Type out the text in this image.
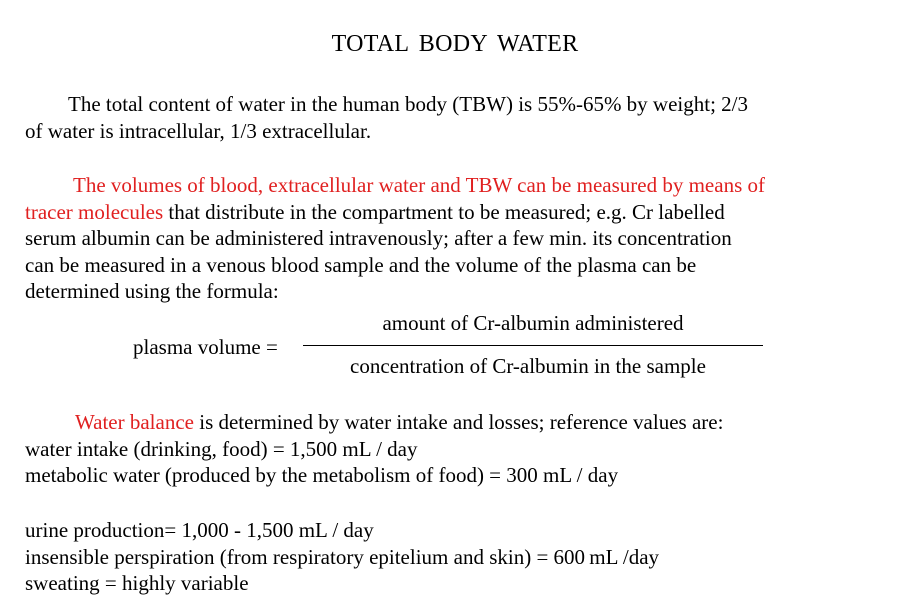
TOTAL BODY WATER
The total content of water in the human body (TBW) is 55%-65% by weight; 2/3
of water is intracellular, 1/3 extracellular.
The volumes of blood, extracellular water and TBW can be measured by means of
tracer molecules that distribute in the compartment to be measured; e.g. Cr labelled
serum albumin can be administered intravenously; after a few min. its concentration
can be measured in a venous blood sample and the volume of the plasma can be
determined using the formula:
plasma volume =
amount of Cr-albumin administered
concentration of Cr-albumin in the sample
Water balance is determined by water intake and losses; reference values are:
water intake (drinking, food) = 1,500 mL / day
metabolic water (produced by the metabolism of food) = 300 mL / day
urine production= 1,000 - 1,500 mL / day
insensible perspiration (from respiratory epitelium and skin) = 600 mL /day
sweating = highly variable
